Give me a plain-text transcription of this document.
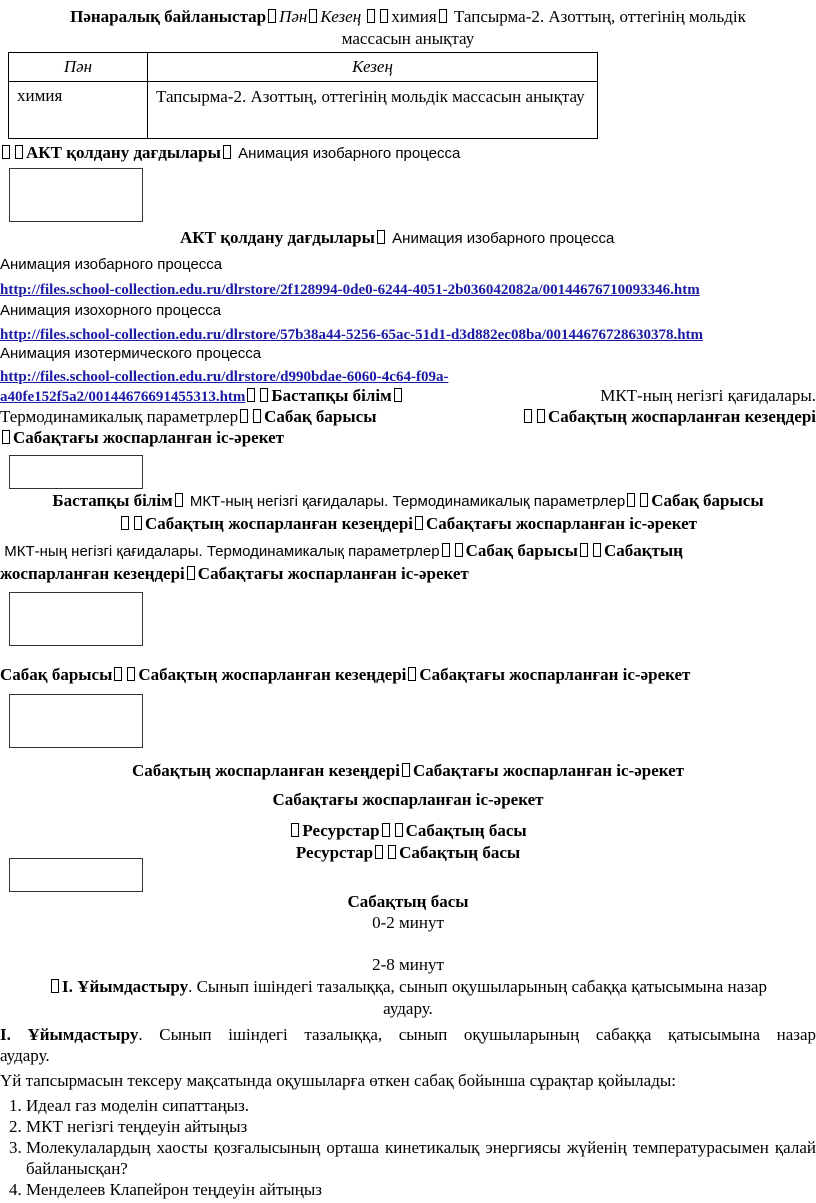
Пәнаралық байланыстар Пән Кезең химия Тапсырма-2. Азоттың, оттегінің мольдік
массасын анықтау
Пән	Кезең
химия	Тапсырма-2. Азоттың, оттегінің мольдік массасын анықтау
АКТ қолдану дағдылары Анимация изобарного процесса
АКТ қолдану дағдылары Анимация изобарного процесса
Анимация изобарного процесса
http://files.school-collection.edu.ru/dlrstore/2f128994-0de0-6244-4051-2b036042082a/00144676710093346.htm
Анимация изохорного процесса
http://files.school-collection.edu.ru/dlrstore/57b38a44-5256-65ac-51d1-d3d882ec08ba/00144676728630378.htm
Анимация изотермического процесса
http://files.school-collection.edu.ru/dlrstore/d990bdae-6060-4c64-f09a-
a40fe152f5a2/00144676691455313.htm Бастапқы білім	МКТ-ның негізгі қағидалары.
Термодинамикалық параметрлер Сабақ барысы	Сабақтың жоспарланған кезеңдері
Сабақтағы жоспарланған іс-әрекет
Бастапқы білім МКТ-ның негізгі қағидалары. Термодинамикалық параметрлер Сабақ барысы
Сабақтың жоспарланған кезеңдері Сабақтағы жоспарланған іс-әрекет
МКТ-ның негізгі қағидалары. Термодинамикалық параметрлер Сабақ барысы Сабақтың
жоспарланған кезеңдері Сабақтағы жоспарланған іс-әрекет
Сабақ барысы Сабақтың жоспарланған кезеңдері Сабақтағы жоспарланған іс-әрекет
Сабақтың жоспарланған кезеңдері Сабақтағы жоспарланған іс-әрекет
Сабақтағы жоспарланған іс-әрекет
Ресурстар Сабақтың басы
Ресурстар Сабақтың басы
Сабақтың басы
0-2 минут
2-8 минут
І. Ұйымдастыру. Сынып ішіндегі тазалыққа, сынып оқушыларының сабаққа қатысымына назар
аудару.
І. Ұйымдастыру. Сынып ішіндегі тазалыққа, сынып оқушыларының сабаққа қатысымына назар
аудару.
Үй тапсырмасын тексеру мақсатында оқушыларға өткен сабақ бойынша сұрақтар қойылады:
1. Идеал газ моделін сипаттаңыз.
2. МКТ негізгі теңдеуін айтыңыз
3. Молекулалардың хаосты қозғалысының орташа кинетикалық энергиясы жүйенің температурасымен қалай байланысқан?
4. Менделеев Клапейрон теңдеуін айтыңыз
